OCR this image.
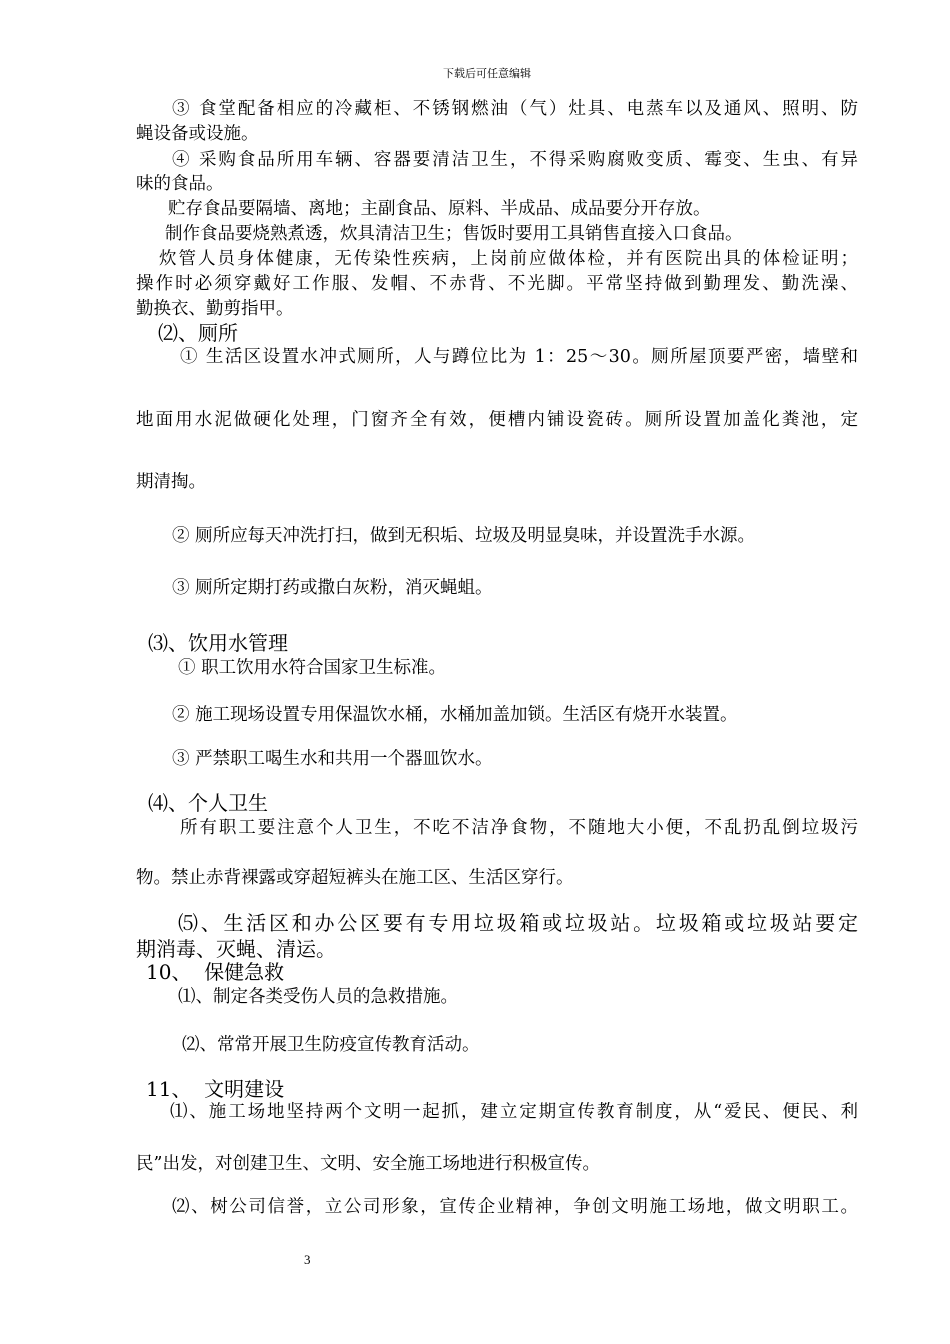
下载后可任意编辑
③ 食堂配备相应的冷藏柜、不锈钢燃油（气）灶具、电蒸车以及通风、照明、防
蝇设备或设施。
④ 采购食品所用车辆、容器要清洁卫生，不得采购腐败变质、霉变、生虫、有异
味的食品。
贮存食品要隔墙、离地；主副食品、原料、半成品、成品要分开存放。
制作食品要烧熟煮透，炊具清洁卫生；售饭时要用工具销售直接入口食品。
炊管人员身体健康，无传染性疾病，上岗前应做体检，并有医院出具的体检证明；
操作时必须穿戴好工作服、发帽、不赤背、不光脚。平常坚持做到勤理发、勤洗澡、
勤换衣、勤剪指甲。
⑵、厕所
① 生活区设置水冲式厕所，人与蹲位比为 1：25～30。厕所屋顶要严密，墙壁和
地面用水泥做硬化处理，门窗齐全有效，便槽内铺设瓷砖。厕所设置加盖化粪池，定
期清掏。
② 厕所应每天冲洗打扫，做到无积垢、垃圾及明显臭味，并设置洗手水源。
③ 厕所定期打药或撒白灰粉，消灭蝇蛆。
⑶、饮用水管理
① 职工饮用水符合国家卫生标准。
② 施工现场设置专用保温饮水桶，水桶加盖加锁。生活区有烧开水装置。
③ 严禁职工喝生水和共用一个器皿饮水。
⑷、个人卫生
所有职工要注意个人卫生，不吃不洁净食物，不随地大小便，不乱扔乱倒垃圾污
物。禁止赤背裸露或穿超短裤头在施工区、生活区穿行。
⑸、生活区和办公区要有专用垃圾箱或垃圾站。垃圾箱或垃圾站要定
期消毒、灭蝇、清运。
10、  保健急救
⑴、制定各类受伤人员的急救措施。
⑵、常常开展卫生防疫宣传教育活动。
11、  文明建设
⑴、施工场地坚持两个文明一起抓，建立定期宣传教育制度，从“爱民、便民、利
民”出发，对创建卫生、文明、安全施工场地进行积极宣传。
⑵、树公司信誉，立公司形象，宣传企业精神，争创文明施工场地，做文明职工。
3
